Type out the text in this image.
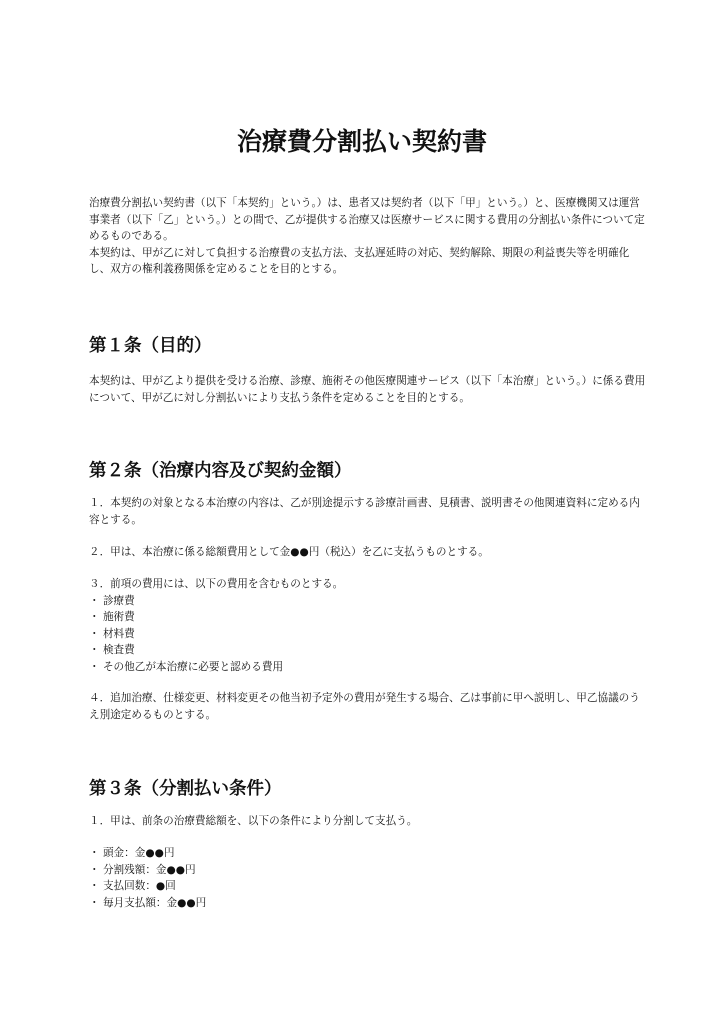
治療費分割払い契約書

治療費分割払い契約書（以下「本契約」という。）は、患者又は契約者（以下「甲」という。）と、医療機関又は運営事業者（以下「乙」という。）との間で、乙が提供する治療又は医療サービスに関する費用の分割払い条件について定めるものである。

本契約は、甲が乙に対して負担する治療費の支払方法、支払遅延時の対応、契約解除、期限の利益喪失等を明確化し、双方の権利義務関係を定めることを目的とする。

第１条（目的）

本契約は、甲が乙より提供を受ける治療、診療、施術その他医療関連サービス（以下「本治療」という。）に係る費用について、甲が乙に対し分割払いにより支払う条件を定めることを目的とする。

第２条（治療内容及び契約金額）

１．本契約の対象となる本治療の内容は、乙が別途提示する診療計画書、見積書、説明書その他関連資料に定める内容とする。

２．甲は、本治療に係る総額費用として金●●円（税込）を乙に支払うものとする。

３．前項の費用には、以下の費用を含むものとする。

・ 診療費
・ 施術費
・ 材料費
・ 検査費
・ その他乙が本治療に必要と認める費用

４．追加治療、仕様変更、材料変更その他当初予定外の費用が発生する場合、乙は事前に甲へ説明し、甲乙協議のうえ別途定めるものとする。

第３条（分割払い条件）

１．甲は、前条の治療費総額を、以下の条件により分割して支払う。

・ 頭金：金●●円
・ 分割残額：金●●円
・ 支払回数：●回
・ 毎月支払額：金●●円
